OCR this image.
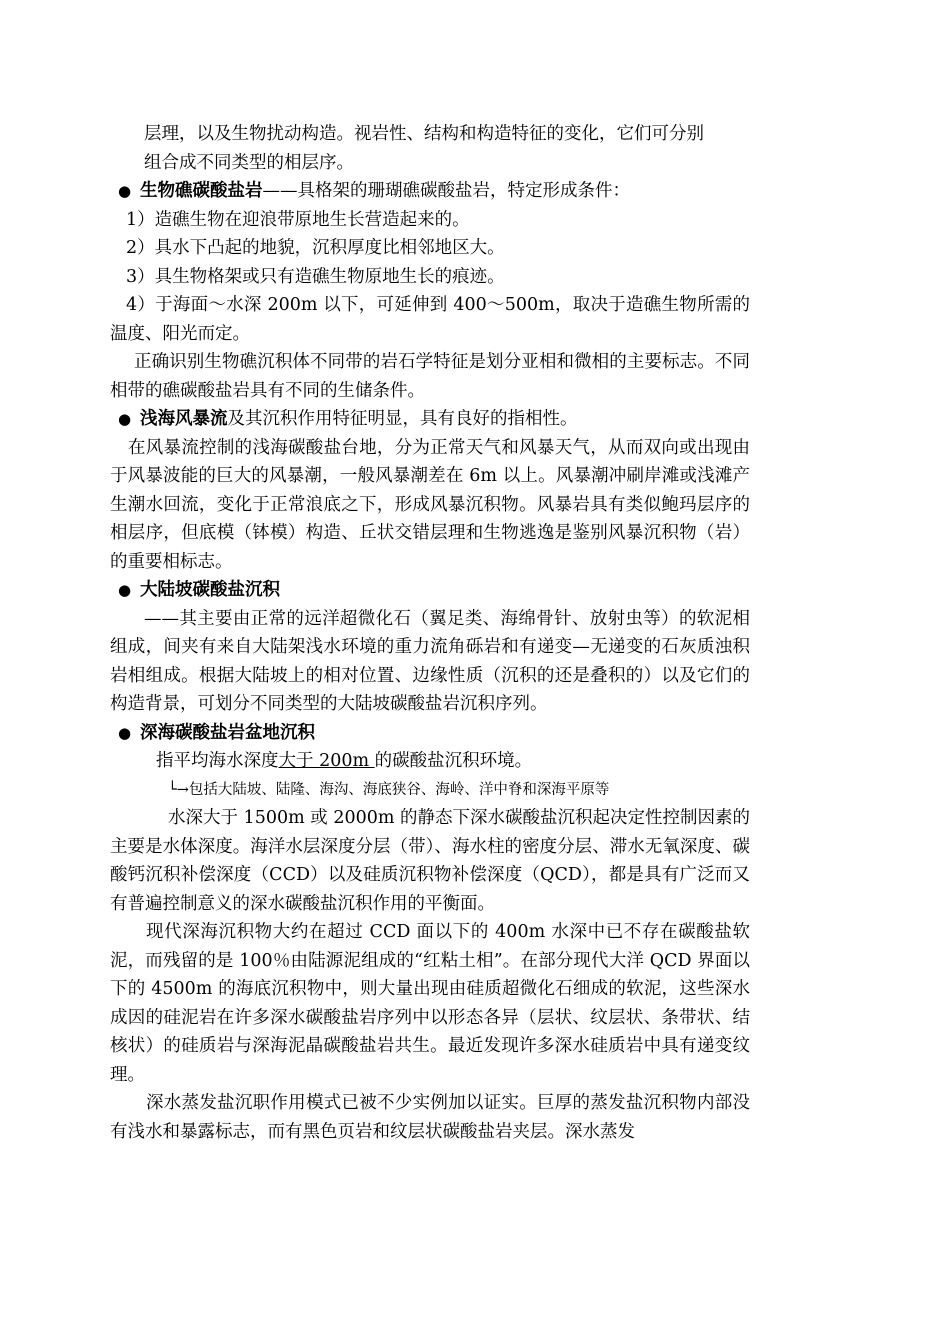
层理，以及生物扰动构造。视岩性、结构和构造特征的变化，它们可分别

组合成不同类型的相层序。

● 生物礁碳酸盐岩——具格架的珊瑚礁碳酸盐岩，特定形成条件：

1）造礁生物在迎浪带原地生长营造起来的。

2）具水下凸起的地貌，沉积厚度比相邻地区大。

3）具生物格架或只有造礁生物原地生长的痕迹。

4）于海面～水深 200m 以下，可延伸到 400～500m，取决于造礁生物所需的温度、阳光而定。

正确识别生物礁沉积体不同带的岩石学特征是划分亚相和微相的主要标志。不同相带的礁碳酸盐岩具有不同的生储条件。

● 浅海风暴流及其沉积作用特征明显，具有良好的指相性。

在风暴流控制的浅海碳酸盐台地，分为正常天气和风暴天气，从而双向或出现由于风暴波能的巨大的风暴潮，一般风暴潮差在 6m 以上。风暴潮冲刷岸滩或浅滩产生潮水回流，变化于正常浪底之下，形成风暴沉积物。风暴岩具有类似鲍玛层序的相层序，但底模（钵模）构造、丘状交错层理和生物逃逸是鉴别风暴沉积物（岩）的重要相标志。

● 大陆坡碳酸盐沉积

——其主要由正常的远洋超微化石（翼足类、海绵骨针、放射虫等）的软泥相组成，间夹有来自大陆架浅水环境的重力流角砾岩和有递变—无递变的石灰质浊积岩相组成。根据大陆坡上的相对位置、边缘性质（沉积的还是叠积的）以及它们的构造背景，可划分不同类型的大陆坡碳酸盐岩沉积序列。

● 深海碳酸盐岩盆地沉积

指平均海水深度大于 200m 的碳酸盐沉积环境。

└→包括大陆坡、陆隆、海沟、海底狭谷、海岭、洋中脊和深海平原等

水深大于 1500m 或 2000m 的静态下深水碳酸盐沉积起决定性控制因素的主要是水体深度。海洋水层深度分层（带）、海水柱的密度分层、滞水无氧深度、碳酸钙沉积补偿深度（CCD）以及硅质沉积物补偿深度（QCD），都是具有广泛而又有普遍控制意义的深水碳酸盐沉积作用的平衡面。

现代深海沉积物大约在超过 CCD 面以下的 400m 水深中已不存在碳酸盐软泥，而残留的是 100％由陆源泥组成的“红粘土相”。在部分现代大洋 QCD 界面以下的 4500m 的海底沉积物中，则大量出现由硅质超微化石细成的软泥，这些深水成因的硅泥岩在许多深水碳酸盐岩序列中以形态各异（层状、纹层状、条带状、结核状）的硅质岩与深海泥晶碳酸盐岩共生。最近发现许多深水硅质岩中具有递变纹理。

深水蒸发盐沉职作用模式已被不少实例加以证实。巨厚的蒸发盐沉积物内部没有浅水和暴露标志，而有黑色页岩和纹层状碳酸盐岩夹层。深水蒸发
